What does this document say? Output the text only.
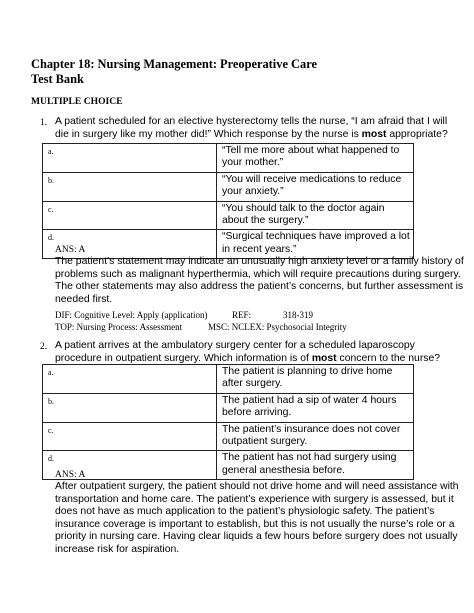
Chapter 18: Nursing Management: Preoperative Care
Test Bank
MULTIPLE CHOICE
1. A patient scheduled for an elective hysterectomy tells the nurse, “I am afraid that I will die in surgery like my mother did!” Which response by the nurse is most appropriate?
a.	“Tell me more about what happened to your mother.”
b.	“You will receive medications to reduce your anxiety.”
c.	“You should talk to the doctor again about the surgery.”
d.	“Surgical techniques have improved a lot in recent years.”
ANS: A
The patient’s statement may indicate an unusually high anxiety level or a family history of problems such as malignant hyperthermia, which will require precautions during surgery. The other statements may also address the patient’s concerns, but further assessment is needed first.
DIF: Cognitive Level: Apply (application)	REF:	318-319
TOP: Nursing Process: Assessment	MSC: NCLEX: Psychosocial Integrity
2. A patient arrives at the ambulatory surgery center for a scheduled laparoscopy procedure in outpatient surgery. Which information is of most concern to the nurse?
a.	The patient is planning to drive home after surgery.
b.	The patient had a sip of water 4 hours before arriving.
c.	The patient’s insurance does not cover outpatient surgery.
d.	The patient has not had surgery using general anesthesia before.
ANS: A
After outpatient surgery, the patient should not drive home and will need assistance with transportation and home care. The patient’s experience with surgery is assessed, but it does not have as much application to the patient’s physiologic safety. The patient’s insurance coverage is important to establish, but this is not usually the nurse’s role or a priority in nursing care. Having clear liquids a few hours before surgery does not usually increase risk for aspiration.
